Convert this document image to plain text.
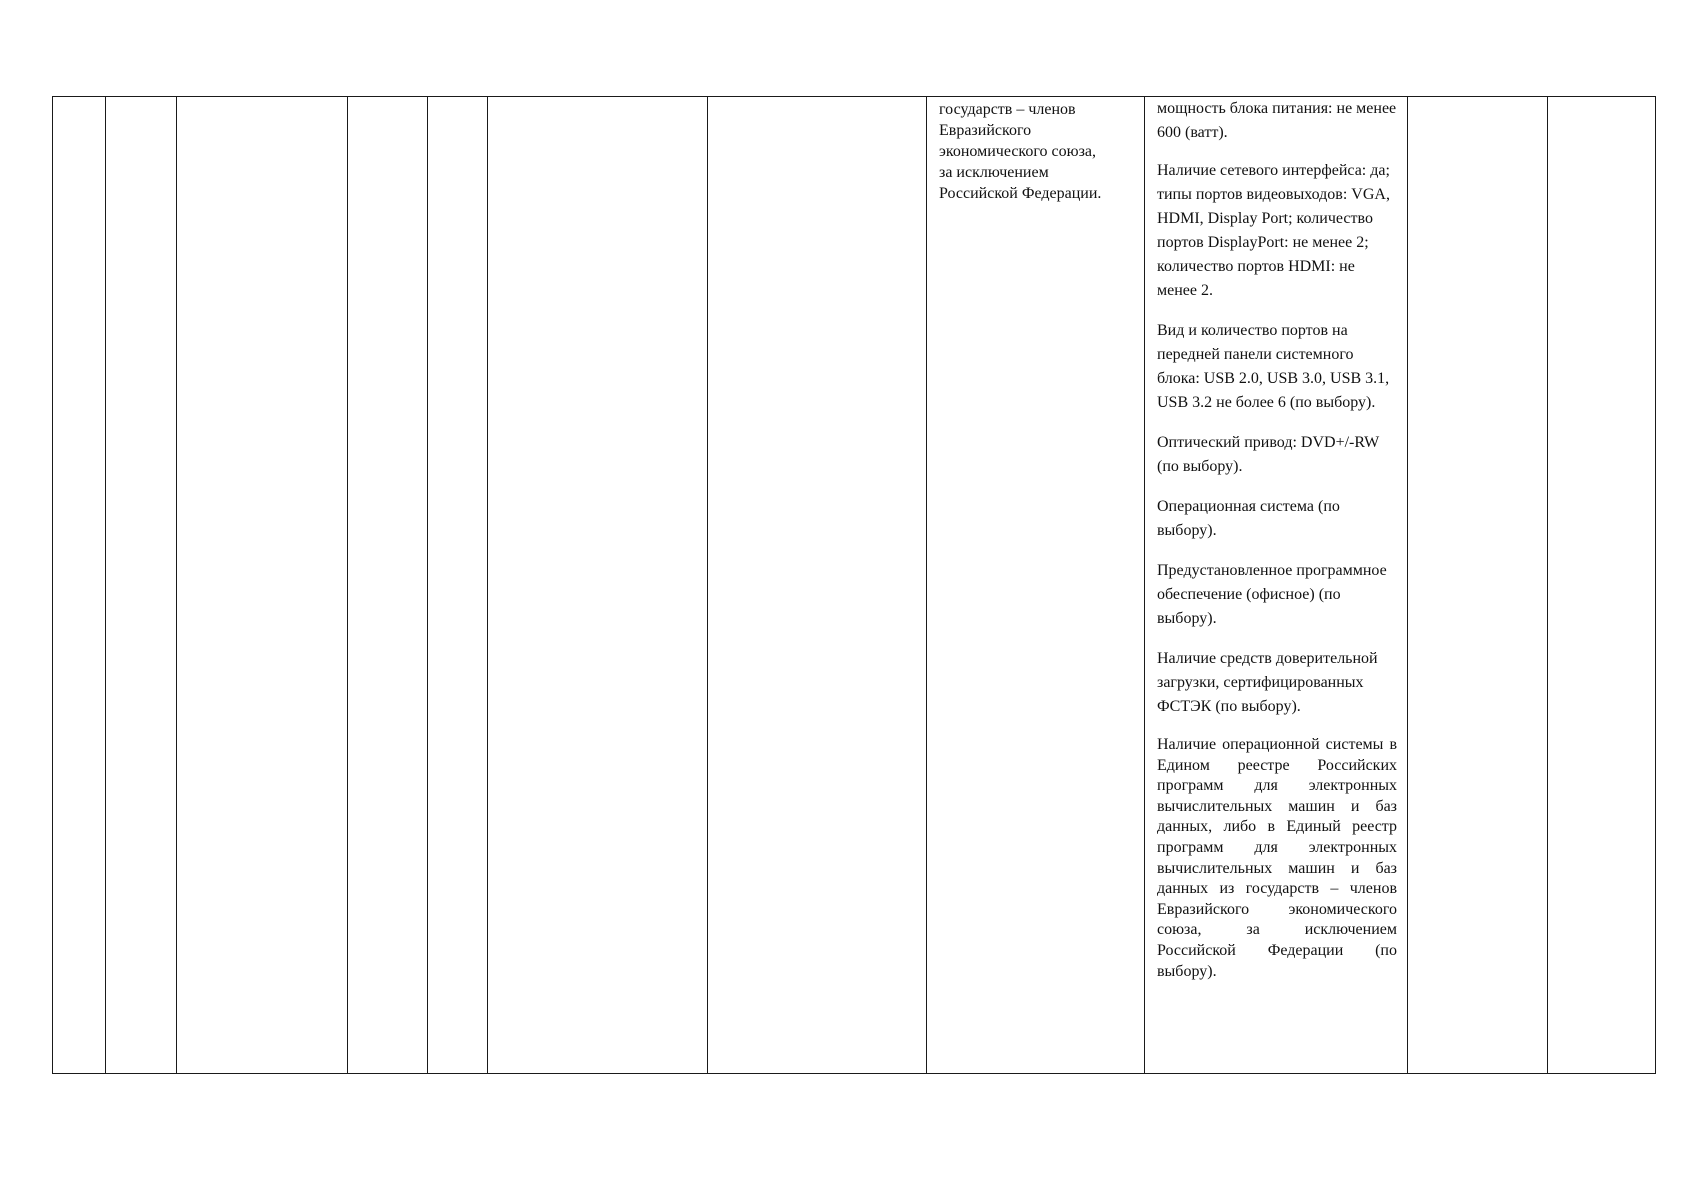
государств – членов

Евразийского

экономического союза,

за исключением

Российской Федерации.

мощность блока питания: не менее 600 (ватт).

Наличие сетевого интерфейса: да; типы портов видеовыходов: VGA, HDMI, Display Port; количество портов DisplayPort: не менее 2; количество портов HDMI: не менее 2.

Вид и количество портов на передней панели системного блока: USB 2.0, USB 3.0, USB 3.1, USB 3.2 не более 6 (по выбору).

Оптический привод: DVD+/-RW (по выбору).

Операционная система (по выбору).

Предустановленное программное обеспечение (офисное) (по выбору).

Наличие средств доверительной загрузки, сертифицированных ФСТЭК (по выбору).

Наличие операционной системы в Едином реестре Российских программ для электронных вычислительных машин и баз данных, либо в Единый реестр программ для электронных вычислительных машин и баз данных из государств – членов Евразийского экономического союза, за исключением Российской Федерации (по выбору).
